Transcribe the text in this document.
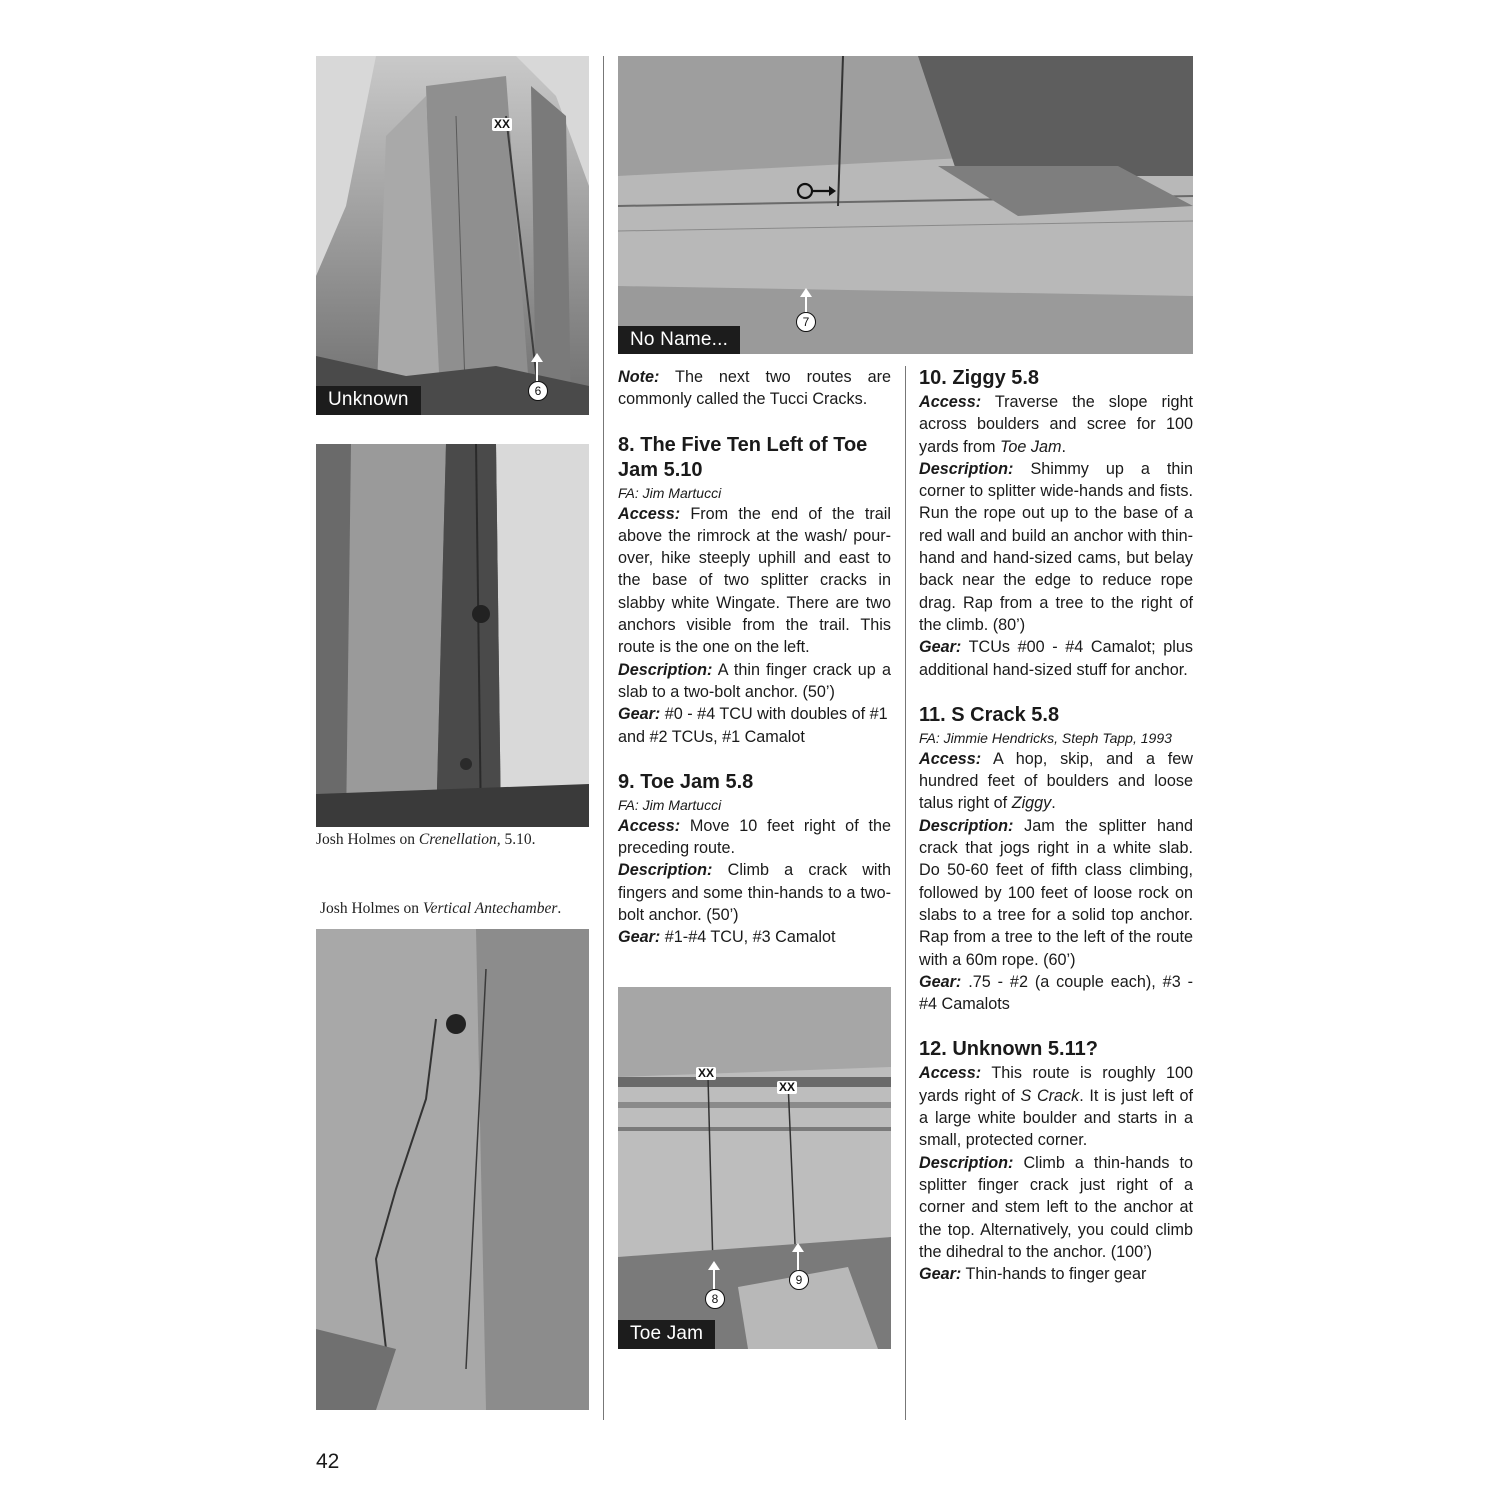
XX
6
Unknown
Josh Holmes on Crenellation, 5.10.
Josh Holmes on Vertical Antechamber.
7
No Name...

Note: The next two routes are commonly called the Tucci Cracks.

8. The Five Ten Left of Toe Jam 5.10
FA: Jim Martucci

Access: From the end of the trail above the rimrock at the wash/ pour-over, hike steeply uphill and east to the base of two splitter cracks in slabby white Wingate. There are two anchors visible from the trail. This route is the one on the left.

Description: A thin finger crack up a slab to a two-bolt anchor. (50’)

Gear: #0 - #4 TCU with doubles of #1 and #2 TCUs, #1 Camalot

9. Toe Jam 5.8
FA: Jim Martucci

Access: Move 10 feet right of the preceding route.

Description: Climb a crack with fingers and some thin-hands to a two-bolt anchor. (50’)

Gear: #1-#4 TCU, #3 Camalot

XX
XX
8
9
Toe Jam
10. Ziggy 5.8

Access: Traverse the slope right across boulders and scree for 100 yards from Toe Jam.

Description: Shimmy up a thin corner to splitter wide-hands and fists. Run the rope out up to the base of a red wall and build an anchor with thin-hand and hand-sized cams, but belay back near the edge to reduce rope drag. Rap from a tree to the right of the climb. (80’)

Gear: TCUs #00 - #4 Camalot; plus additional hand-sized stuff for anchor.

11. S Crack 5.8
FA: Jimmie Hendricks, Steph Tapp, 1993

Access: A hop, skip, and a few hundred feet of boulders and loose talus right of Ziggy.

Description: Jam the splitter hand crack that jogs right in a white slab. Do 50-60 feet of fifth class climbing, followed by 100 feet of loose rock on slabs to a tree for a solid top anchor. Rap from a tree to the left of the route with a 60m rope. (60’)

Gear: .75 - #2 (a couple each), #3 - #4 Camalots

12. Unknown 5.11?

Access: This route is roughly 100 yards right of S Crack. It is just left of a large white boulder and starts in a small, protected corner.

Description: Climb a thin-hands to splitter finger crack just right of a corner and stem left to the anchor at the top. Alternatively, you could climb the dihedral to the anchor. (100’)

Gear: Thin-hands to finger gear

42
